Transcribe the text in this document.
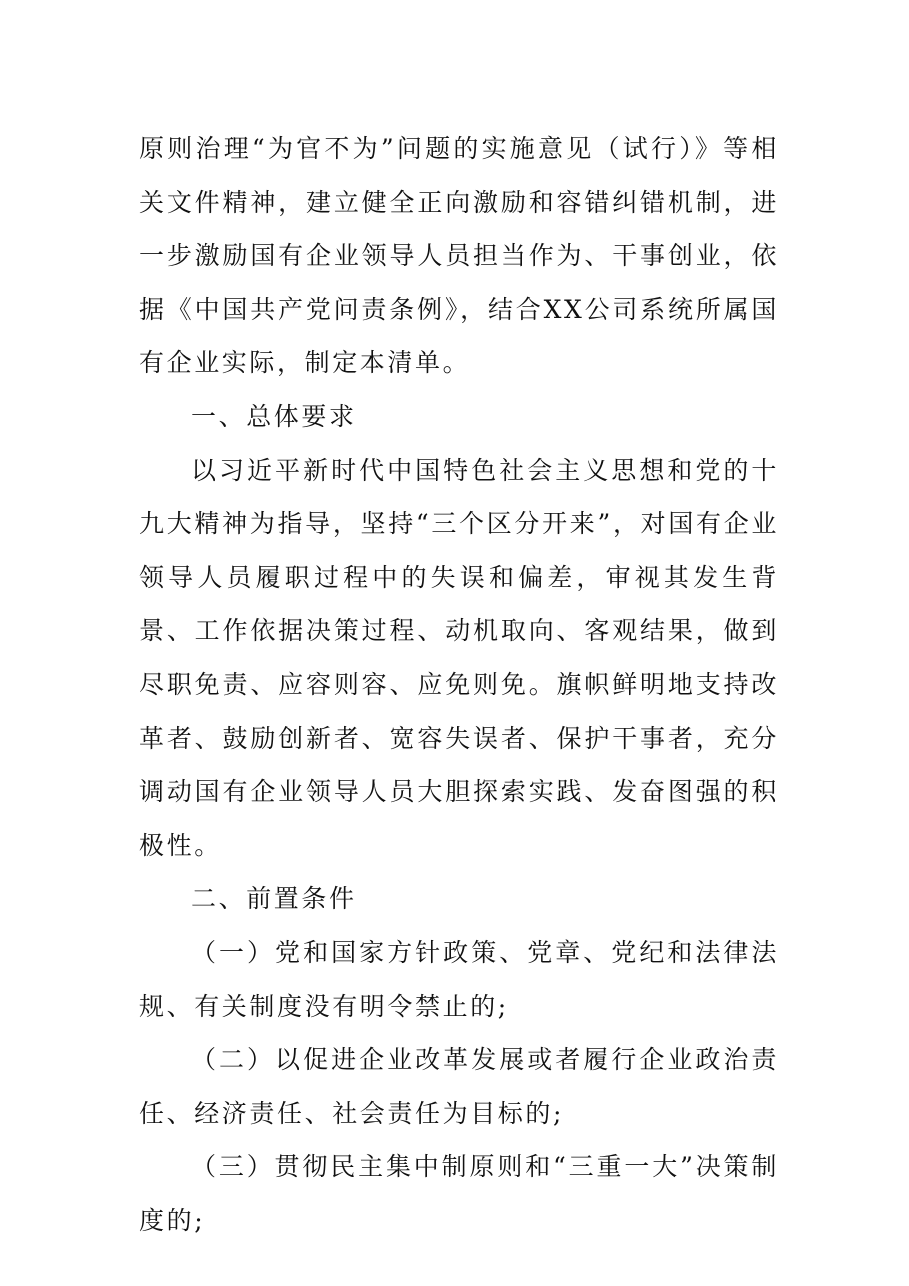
原则治理“为官不为”问题的实施意见（试行）》等相关文件精神，建立健全正向激励和容错纠错机制，进一步激励国有企业领导人员担当作为、干事创业，依据《中国共产党问责条例》，结合XX公司系统所属国有企业实际，制定本清单。

一、总体要求

以习近平新时代中国特色社会主义思想和党的十九大精神为指导，坚持“三个区分开来”，对国有企业领导人员履职过程中的失误和偏差，审视其发生背景、工作依据决策过程、动机取向、客观结果，做到尽职免责、应容则容、应免则免。旗帜鲜明地支持改革者、鼓励创新者、宽容失误者、保护干事者，充分调动国有企业领导人员大胆探索实践、发奋图强的积极性。

二、前置条件

（一）党和国家方针政策、党章、党纪和法律法规、有关制度没有明令禁止的;

（二）以促进企业改革发展或者履行企业政治责任、经济责任、社会责任为目标的;

（三）贯彻民主集中制原则和“三重一大”决策制度的;
